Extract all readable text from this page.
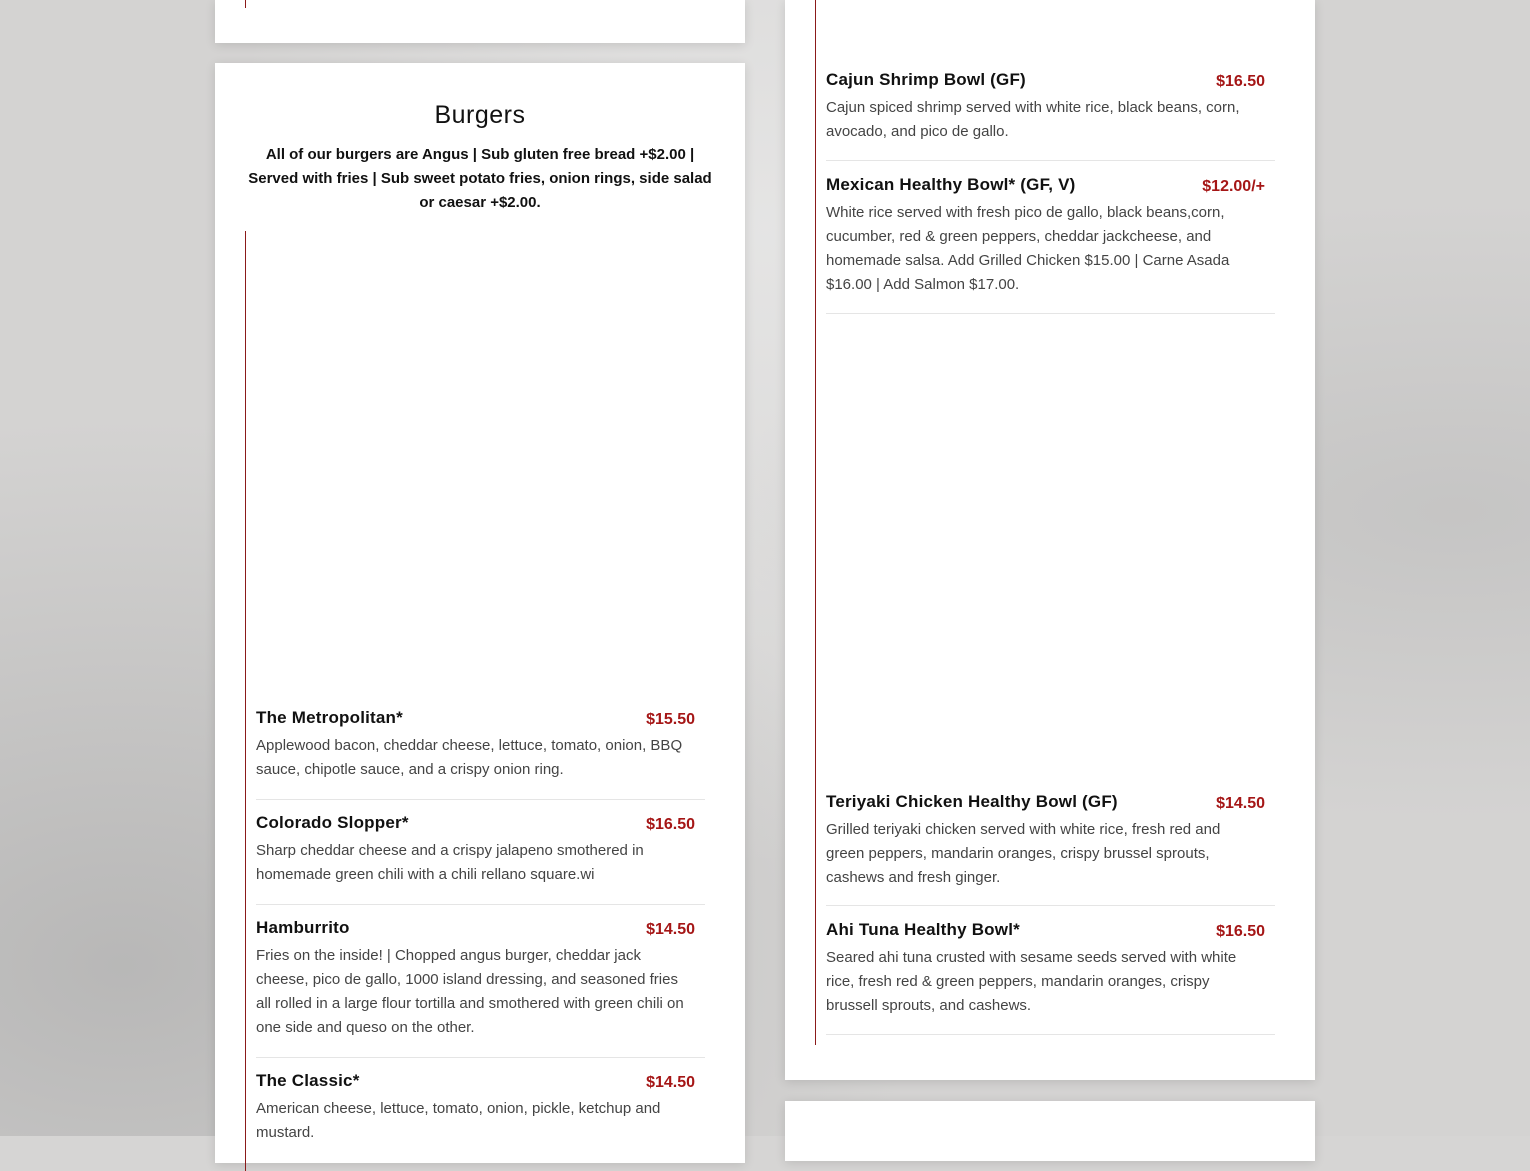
Burgers
All of our burgers are Angus | Sub gluten free bread +$2.00 | Served with fries | Sub sweet potato fries, onion rings, side salad or caesar +$2.00.
The Metropolitan*	$15.50
Applewood bacon, cheddar cheese, lettuce, tomato, onion, BBQ sauce, chipotle sauce, and a crispy onion ring.
Colorado Slopper*	$16.50
Sharp cheddar cheese and a crispy jalapeno smothered in homemade green chili with a chili rellano square.wi
Hamburrito	$14.50
Fries on the inside! | Chopped angus burger, cheddar jack cheese, pico de gallo, 1000 island dressing, and seasoned fries all rolled in a large flour tortilla and smothered with green chili on one side and queso on the other.
The Classic*	$14.50
American cheese, lettuce, tomato, onion, pickle, ketchup and mustard.
Cajun Shrimp Bowl (GF)	$16.50
Cajun spiced shrimp served with white rice, black beans, corn, avocado, and pico de gallo.
Mexican Healthy Bowl* (GF, V)	$12.00/+
White rice served with fresh pico de gallo, black beans,corn, cucumber, red & green peppers, cheddar jackcheese, and homemade salsa. Add Grilled Chicken $15.00 | Carne Asada $16.00 | Add Salmon $17.00.
Teriyaki Chicken Healthy Bowl (GF)	$14.50
Grilled teriyaki chicken served with white rice, fresh red and green peppers, mandarin oranges, crispy brussel sprouts, cashews and fresh ginger.
Ahi Tuna Healthy Bowl*	$16.50
Seared ahi tuna crusted with sesame seeds served with white rice, fresh red & green peppers, mandarin oranges, crispy brussell sprouts, and cashews.
